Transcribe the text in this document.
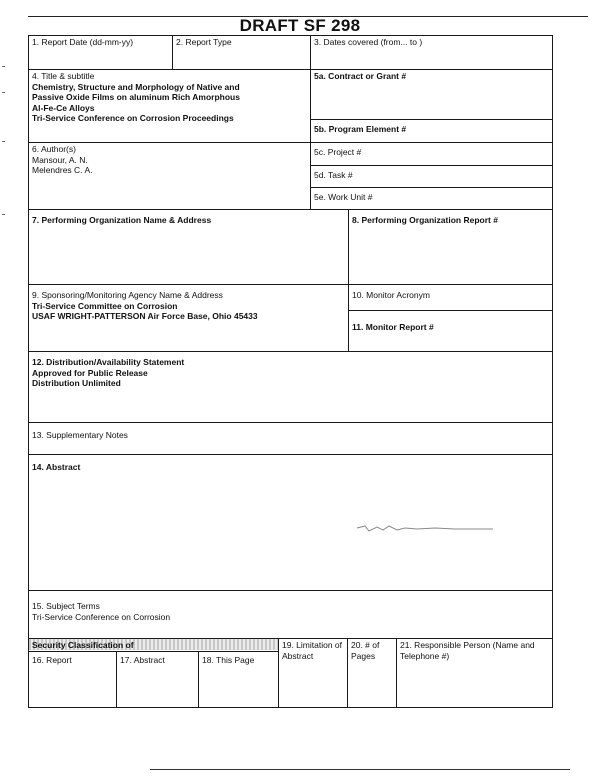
DRAFT SF 298
1. Report Date (dd-mm-yy)	2. Report Type	3. Dates covered (from... to )
4. Title & subtitle
Chemistry, Structure and Morphology of Native and
Passive Oxide Films on aluminum Rich Amorphous
Al-Fe-Ce Alloys
Tri-Service Conference on Corrosion Proceedings
5a. Contract or Grant #
5b. Program Element #
6. Author(s)
Mansour, A. N.
Melendres C. A.
5c. Project #
5d. Task #
5e. Work Unit #
7. Performing Organization Name & Address	8. Performing Organization Report #
9. Sponsoring/Monitoring Agency Name & Address
Tri-Service Committee on Corrosion
USAF WRIGHT-PATTERSON Air Force Base, Ohio 45433
10. Monitor Acronym
11. Monitor Report #
12. Distribution/Availability Statement
Approved for Public Release
Distribution Unlimited
13. Supplementary Notes
14. Abstract
15. Subject Terms
Tri-Service Conference on Corrosion
Security Classification of
16. Report	17. Abstract	18. This Page
19. Limitation of Abstract
20. # of Pages
21. Responsible Person (Name and Telephone #)
